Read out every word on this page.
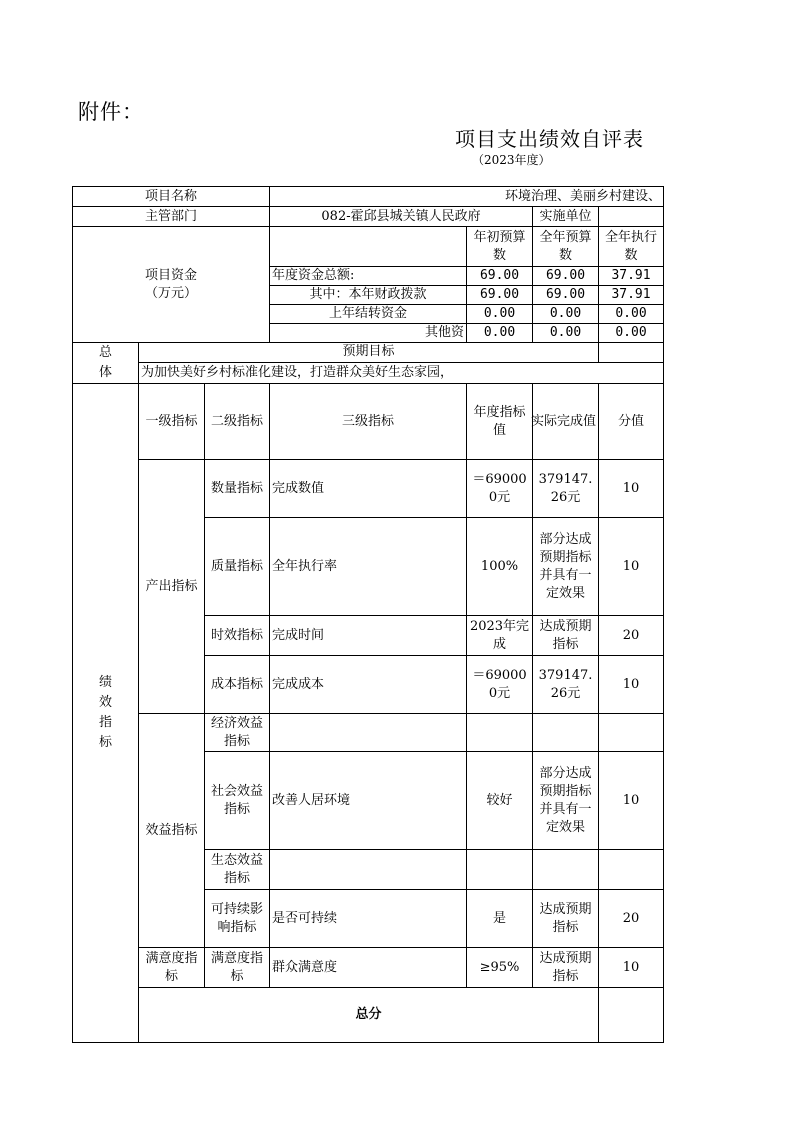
附件：
项目支出绩效自评表
（2023年度）
项目名称			环境治理、美丽乡村建设、				
主管部门			082-霍邱县城关镇人民政府		实施单位		
项目资金
（万元）				年初预算数	全年预算数	全年执行数	
			年度资金总额:	69.00	69.00	37.91	

			其中：本年财政拨款	69.00	69.00	37.91	
			上年结转资金	0.00	0.00	0.00	
			其他资	0.00	0.00	0.00	

总体	预期目标						
	为加快美好乡村标准化建设，打造群众美好生态家园，						

绩效指标	一级指标	二级指标	三级指标	年度指标值	实际完成值	分值	
	产出指标	数量指标	完成数值	＝690000元	379147.26元	10	
		质量指标	全年执行率	100%	部分达成预期指标并具有一定效果	10	
		时效指标	完成时间	2023年完成	达成预期指标	20	
		成本指标	完成成本	＝690000元	379147.26元	10	
	效益指标	经济效益指标					
		社会效益指标	改善人居环境	较好	部分达成预期指标并具有一定效果	10	
		生态效益指标					
		可持续影响指标	是否可持续	是	达成预期指标	20	
	满意度指标	满意度指标	群众满意度	≥95%	达成预期指标	10	
	总分		
